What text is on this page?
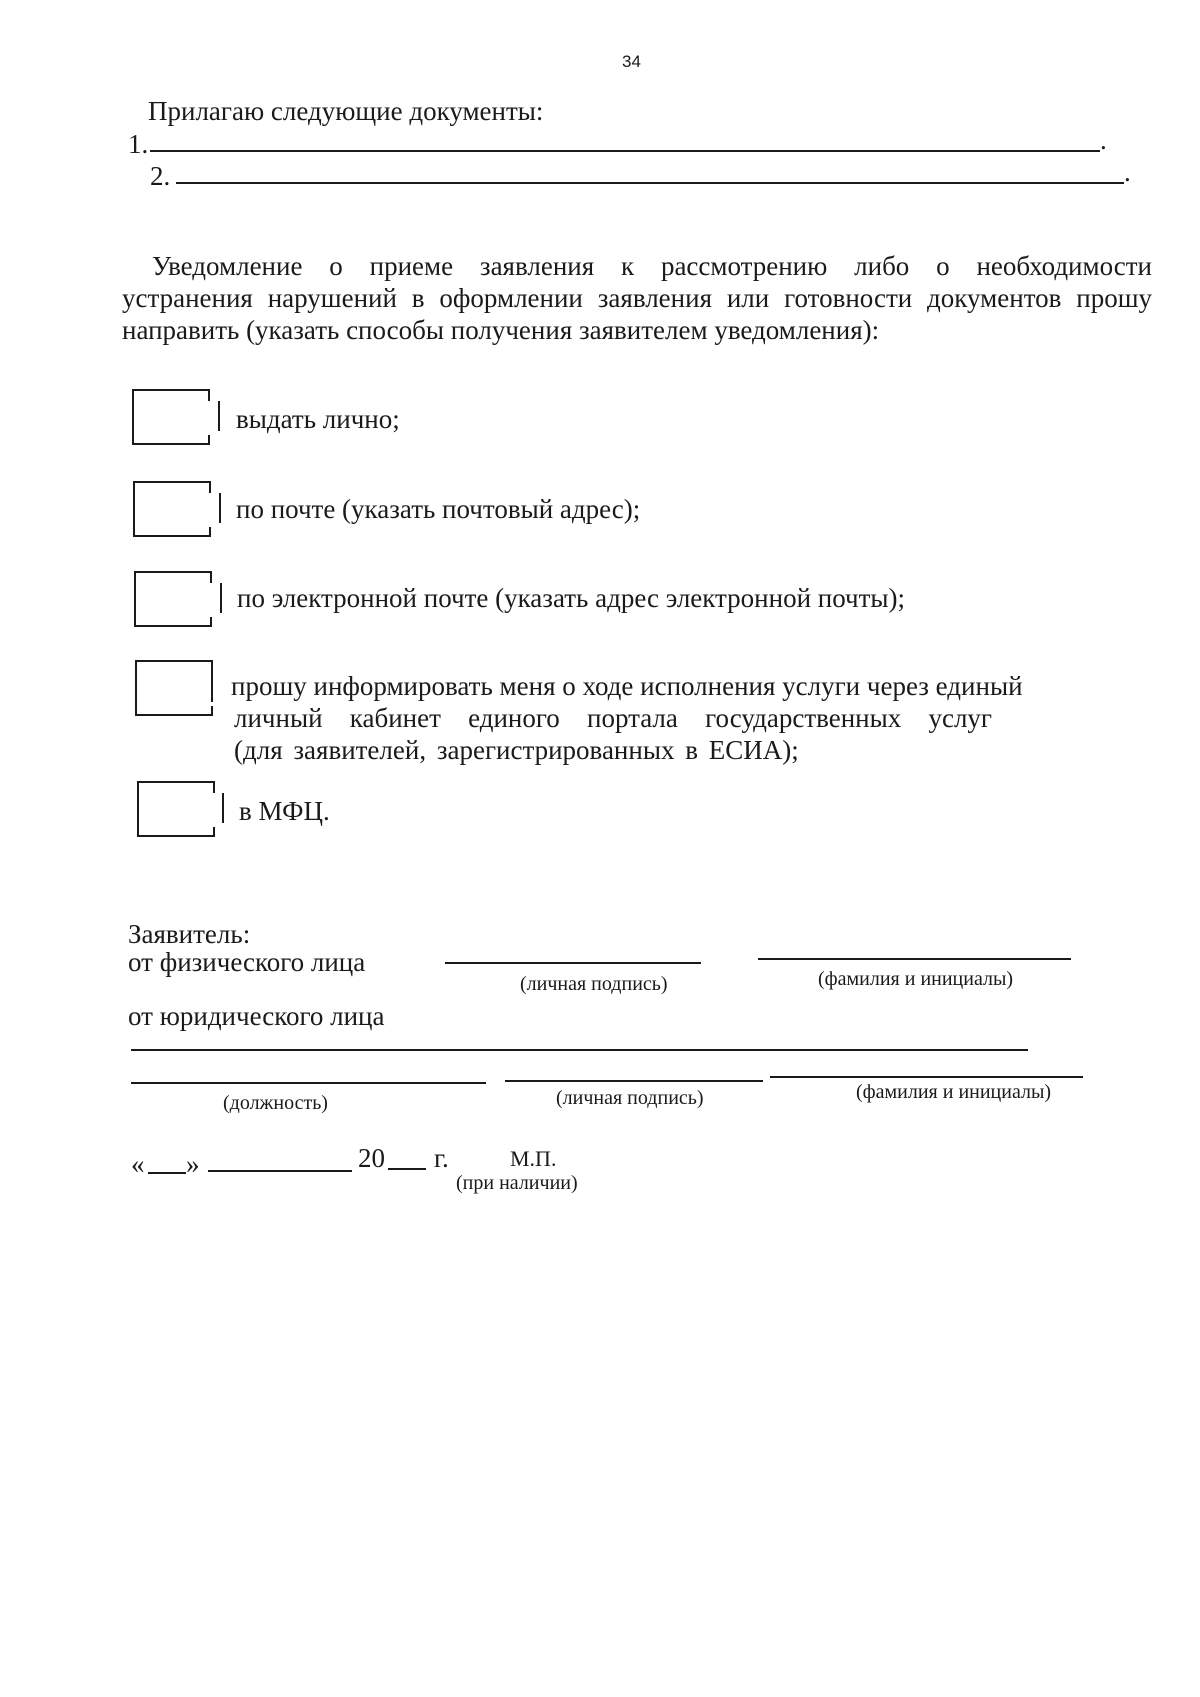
34
Прилагаю следующие документы:
1.	.
2.	.
Уведомление о приеме заявления к рассмотрению либо о необходимости
устранения нарушений в оформлении заявления или готовности документов прошу
направить (указать способы получения заявителем уведомления):
выдать лично;
по почте (указать почтовый адрес);
по электронной почте (указать адрес электронной почты);
прошу информировать меня о ходе исполнения услуги через единый
личный кабинет единого портала государственных услуг
(для заявителей, зарегистрированных в ЕСИА);
в МФЦ.
Заявитель:
от физического лица
(личная подпись)	(фамилия и инициалы)
от юридического лица
(должность)	(личная подпись)	(фамилия и инициалы)
« »	20 г.	М.П.
(при наличии)
